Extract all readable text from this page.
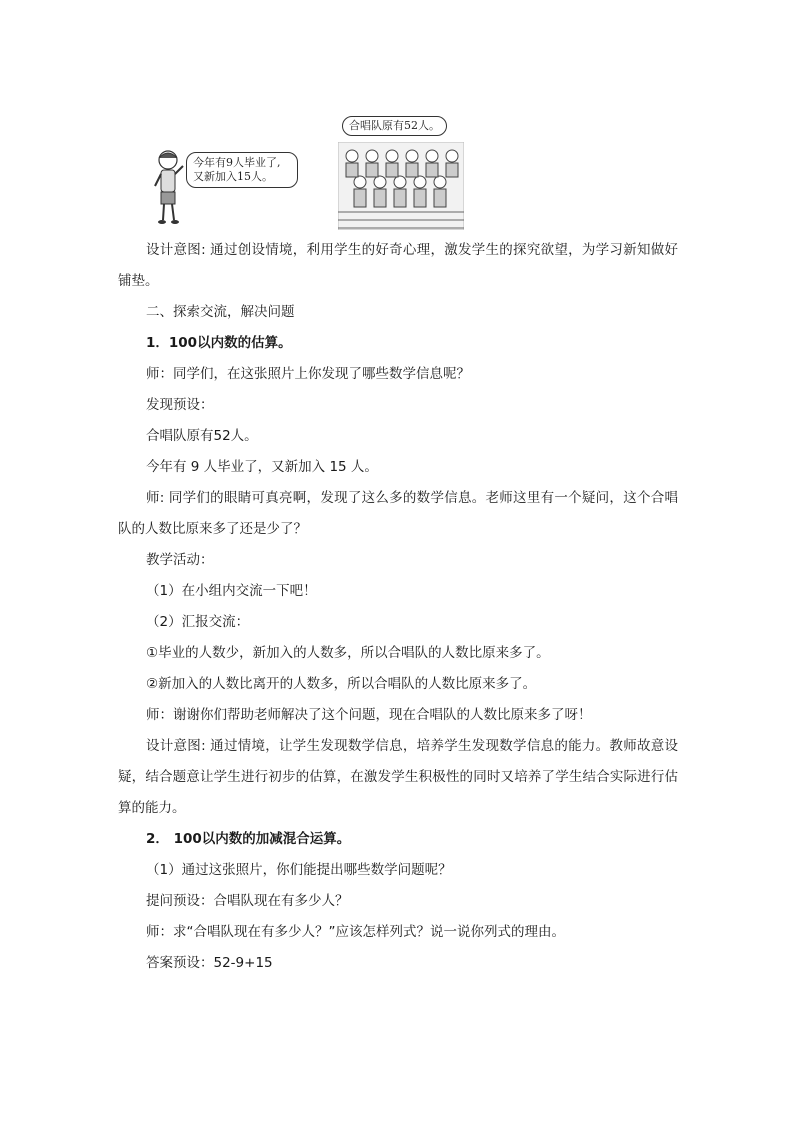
今年有9人毕业了,
又新加入15人。
合唱队原有52人。

设计意图: 通过创设情境，利用学生的好奇心理，激发学生的探究欲望，为学习新知做好铺垫。

二、探索交流，解决问题

1．100以内数的估算。

师：同学们，在这张照片上你发现了哪些数学信息呢？

发现预设：

合唱队原有52人。

今年有 9 人毕业了，又新加入 15 人。

师: 同学们的眼睛可真亮啊，发现了这么多的数学信息。老师这里有一个疑问，这个合唱队的人数比原来多了还是少了？

教学活动：

（1）在小组内交流一下吧！

（2）汇报交流：

①毕业的人数少，新加入的人数多，所以合唱队的人数比原来多了。

②新加入的人数比离开的人数多，所以合唱队的人数比原来多了。

师：谢谢你们帮助老师解决了这个问题，现在合唱队的人数比原来多了呀！

设计意图: 通过情境，让学生发现数学信息，培养学生发现数学信息的能力。教师故意设疑，结合题意让学生进行初步的估算，在激发学生积极性的同时又培养了学生结合实际进行估算的能力。

2． 100以内数的加减混合运算。

（1）通过这张照片，你们能提出哪些数学问题呢？

提问预设：合唱队现在有多少人？

师：求“合唱队现在有多少人？”应该怎样列式？说一说你列式的理由。

答案预设：52-9+15
